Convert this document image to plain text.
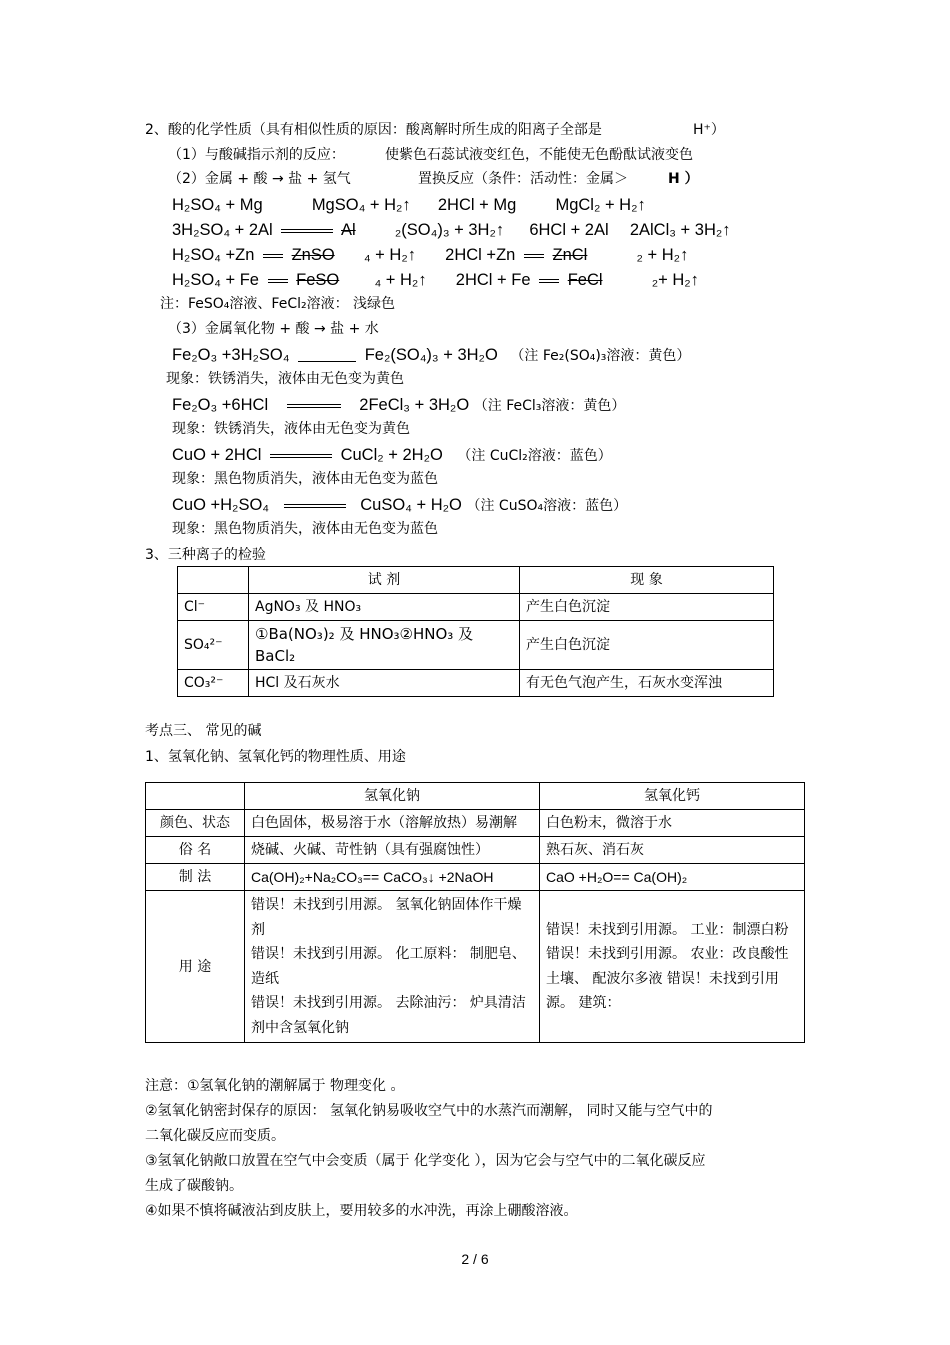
2、酸的化学性质（具有相似性质的原因：酸离解时所生成的阳离子全部是	H⁺）
（1）与酸碱指示剂的反应：	使紫色石蕊试液变红色，不能使无色酚酞试液变色
（2）金属 + 酸 → 盐 + 氢气	置换反应（条件：活动性：金属＞	H ）
H₂SO₄ + Mg	MgSO₄ + H₂↑ 2HCl + Mg MgCl₂ + H₂↑
3H₂SO₄ + 2Al	Al ₂(SO₄)₃ + 3H₂↑ 6HCl + 2Al 2AlCl₃ + 3H₂↑
H₂SO₄ +Zn ZnSO ₄ + H₂↑ 2HCl +Zn ZnCl	₂ + H₂↑
H₂SO₄ + Fe FeSO ₄ + H₂↑ 2HCl + Fe FeCl	₂+ H₂↑
注：FeSO₄溶液、FeCl₂溶液： 浅绿色
（3）金属氧化物 + 酸 → 盐 + 水
Fe₂O₃ +3H₂SO₄	Fe₂(SO₄)₃ + 3H₂O （注 Fe₂(SO₄)₃溶液：黄色）
现象：铁锈消失，液体由无色变为黄色
Fe₂O₃ +6HCl	2FeCl₃ + 3H₂O （注 FeCl₃溶液：黄色）
现象：铁锈消失，液体由无色变为黄色
CuO + 2HCl	CuCl₂ + 2H₂O （注 CuCl₂溶液：蓝色）
现象：黑色物质消失，液体由无色变为蓝色
CuO +H₂SO₄	CuSO₄ + H₂O （注 CuSO₄溶液：蓝色）
现象：黑色物质消失，液体由无色变为蓝色
3、三种离子的检验
	试 剂	现 象
Cl⁻	AgNO₃ 及 HNO₃	产生白色沉淀
SO₄²⁻	①Ba(NO₃)₂ 及 HNO₃②HNO₃ 及 BaCl₂	产生白色沉淀
CO₃²⁻	HCl 及石灰水	有无色气泡产生，石灰水变浑浊
考点三、 常见的碱
1、氢氧化钠、氢氧化钙的物理性质、用途
	氢氧化钠	氢氧化钙
颜色、状态	白色固体，极易溶于水（溶解放热）易潮解	白色粉末，微溶于水
俗 名	烧碱、火碱、苛性钠（具有强腐蚀性）	熟石灰、消石灰
制 法	Ca(OH)₂+Na₂CO₃== CaCO₃↓ +2NaOH	CaO +H₂O== Ca(OH)₂
用 途	错误！未找到引用源。 氢氧化钠固体作干燥剂
错误！未找到引用源。 化工原料： 制肥皂、造纸
错误！未找到引用源。 去除油污： 炉具清洁剂中含氢氧化钠	错误！未找到引用源。 工业：制漂白粉
错误！未找到引用源。 农业：改良酸性土壤、 配波尔多液 错误！未找到引用源。 建筑：
注意：①氢氧化钠的潮解属于 物理变化 。
②氢氧化钠密封保存的原因： 氢氧化钠易吸收空气中的水蒸汽而潮解， 同时又能与空气中的
二氧化碳反应而变质。
③氢氧化钠敞口放置在空气中会变质（属于 化学变化 ），因为它会与空气中的二氧化碳反应
生成了碳酸钠。
④如果不慎将碱液沾到皮肤上，要用较多的水冲洗，再涂上硼酸溶液。
2 / 6
